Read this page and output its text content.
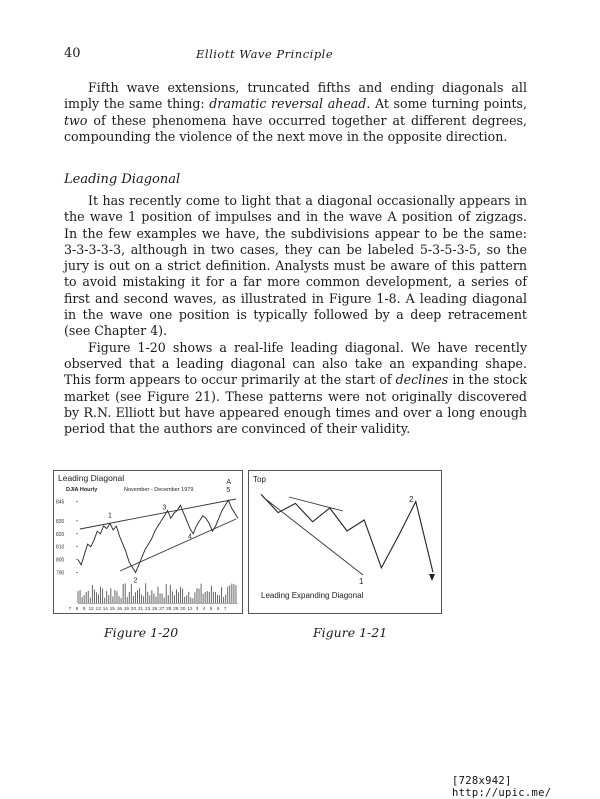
40	Elliott Wave Principle

Fifth wave extensions, truncated fifths and ending diagonals all imply the same thing: dramatic reversal ahead. At some turning points, two of these phenomena have occurred together at different degrees, compounding the violence of the next move in the opposite direction.

Leading Diagonal

It has recently come to light that a diagonal occasionally appears in the wave 1 position of impulses and in the wave A position of zigzags. In the few examples we have, the subdivisions appear to be the same: 3-3-3-3-3, although in two cases, they can be labeled 5-3-5-3-5, so the jury is out on a strict definition. Analysts must be aware of this pattern to avoid mistaking it for a far more common development, a series of first and second waves, as illustrated in Figure 1-8. A leading diagonal in the wave one position is typically followed by a deep retracement (see Chapter 4).

Figure 1-20 shows a real-life leading diagonal. We have recently observed that a leading diagonal can also take an expanding shape. This form appears to occur primarily at the start of declines in the stock market (see Figure 21). These patterns were not originally discovered by R.N. Elliott but have appeared enough times and over a long enough period that the authors are convinced of their validity.

Leading Diagonal
DJIA Hourly	November - December 1979
845
830
820
810
800
790
7 8 9 12 13 14 15 16 19 20 21 23 26 27 28 29 30 12 3 4 5 6 7
1
2
3
4
A
5
Top
1
2
Leading Expanding Diagonal
Figure 1-20	Figure 1-21
[728x942] http://upic.me/
